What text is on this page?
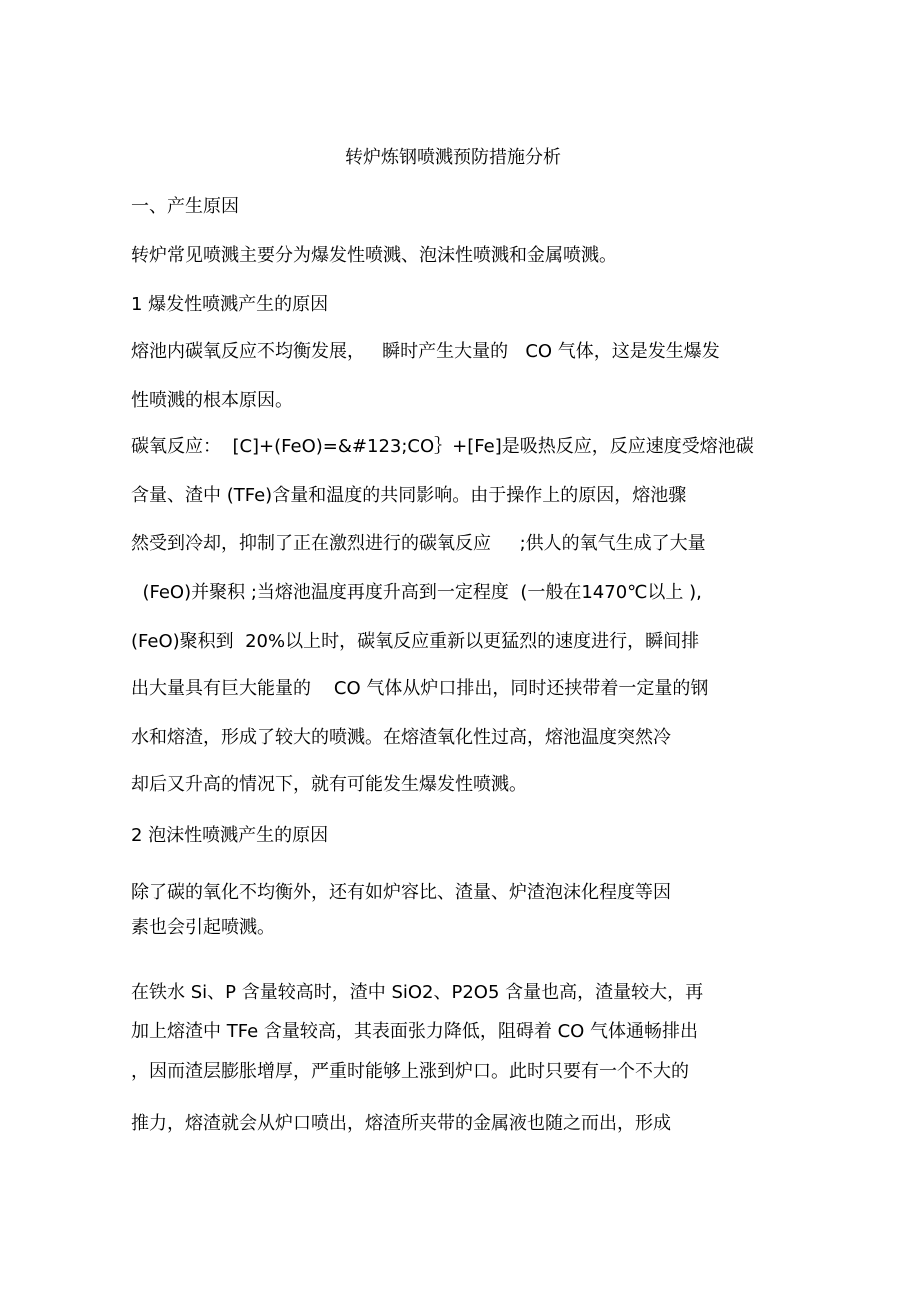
转炉炼钢喷溅预防措施分析
一、产生原因
转炉常见喷溅主要分为爆发性喷溅、泡沫性喷溅和金属喷溅。
1 爆发性喷溅产生的原因
熔池内碳氧反应不均衡发展，   瞬时产生大量的   CO 气体，这是发生爆发
性喷溅的根本原因。
碳氧反应：  [C]+(FeO)=&#123;CO｝+[Fe]是吸热反应，反应速度受熔池碳
含量、渣中 (TFe)含量和温度的共同影响。由于操作上的原因，熔池骤
然受到冷却，抑制了正在激烈进行的碳氧反应     ;供人的氧气生成了大量
(FeO)并聚积 ;当熔池温度再度升高到一定程度  (一般在1470℃以上 ),
(FeO)聚积到  20%以上时，碳氧反应重新以更猛烈的速度进行，瞬间排
出大量具有巨大能量的    CO 气体从炉口排出，同时还挟带着一定量的钢
水和熔渣，形成了较大的喷溅。在熔渣氧化性过高，熔池温度突然冷
却后又升高的情况下，就有可能发生爆发性喷溅。
2 泡沫性喷溅产生的原因
除了碳的氧化不均衡外，还有如炉容比、渣量、炉渣泡沫化程度等因
素也会引起喷溅。
在铁水 Si、P 含量较高时，渣中 SiO2、P2O5 含量也高，渣量较大，再
加上熔渣中 TFe 含量较高，其表面张力降低，阻碍着 CO 气体通畅排出
，因而渣层膨胀增厚，严重时能够上涨到炉口。此时只要有一个不大的
推力，熔渣就会从炉口喷出，熔渣所夹带的金属液也随之而出，形成
